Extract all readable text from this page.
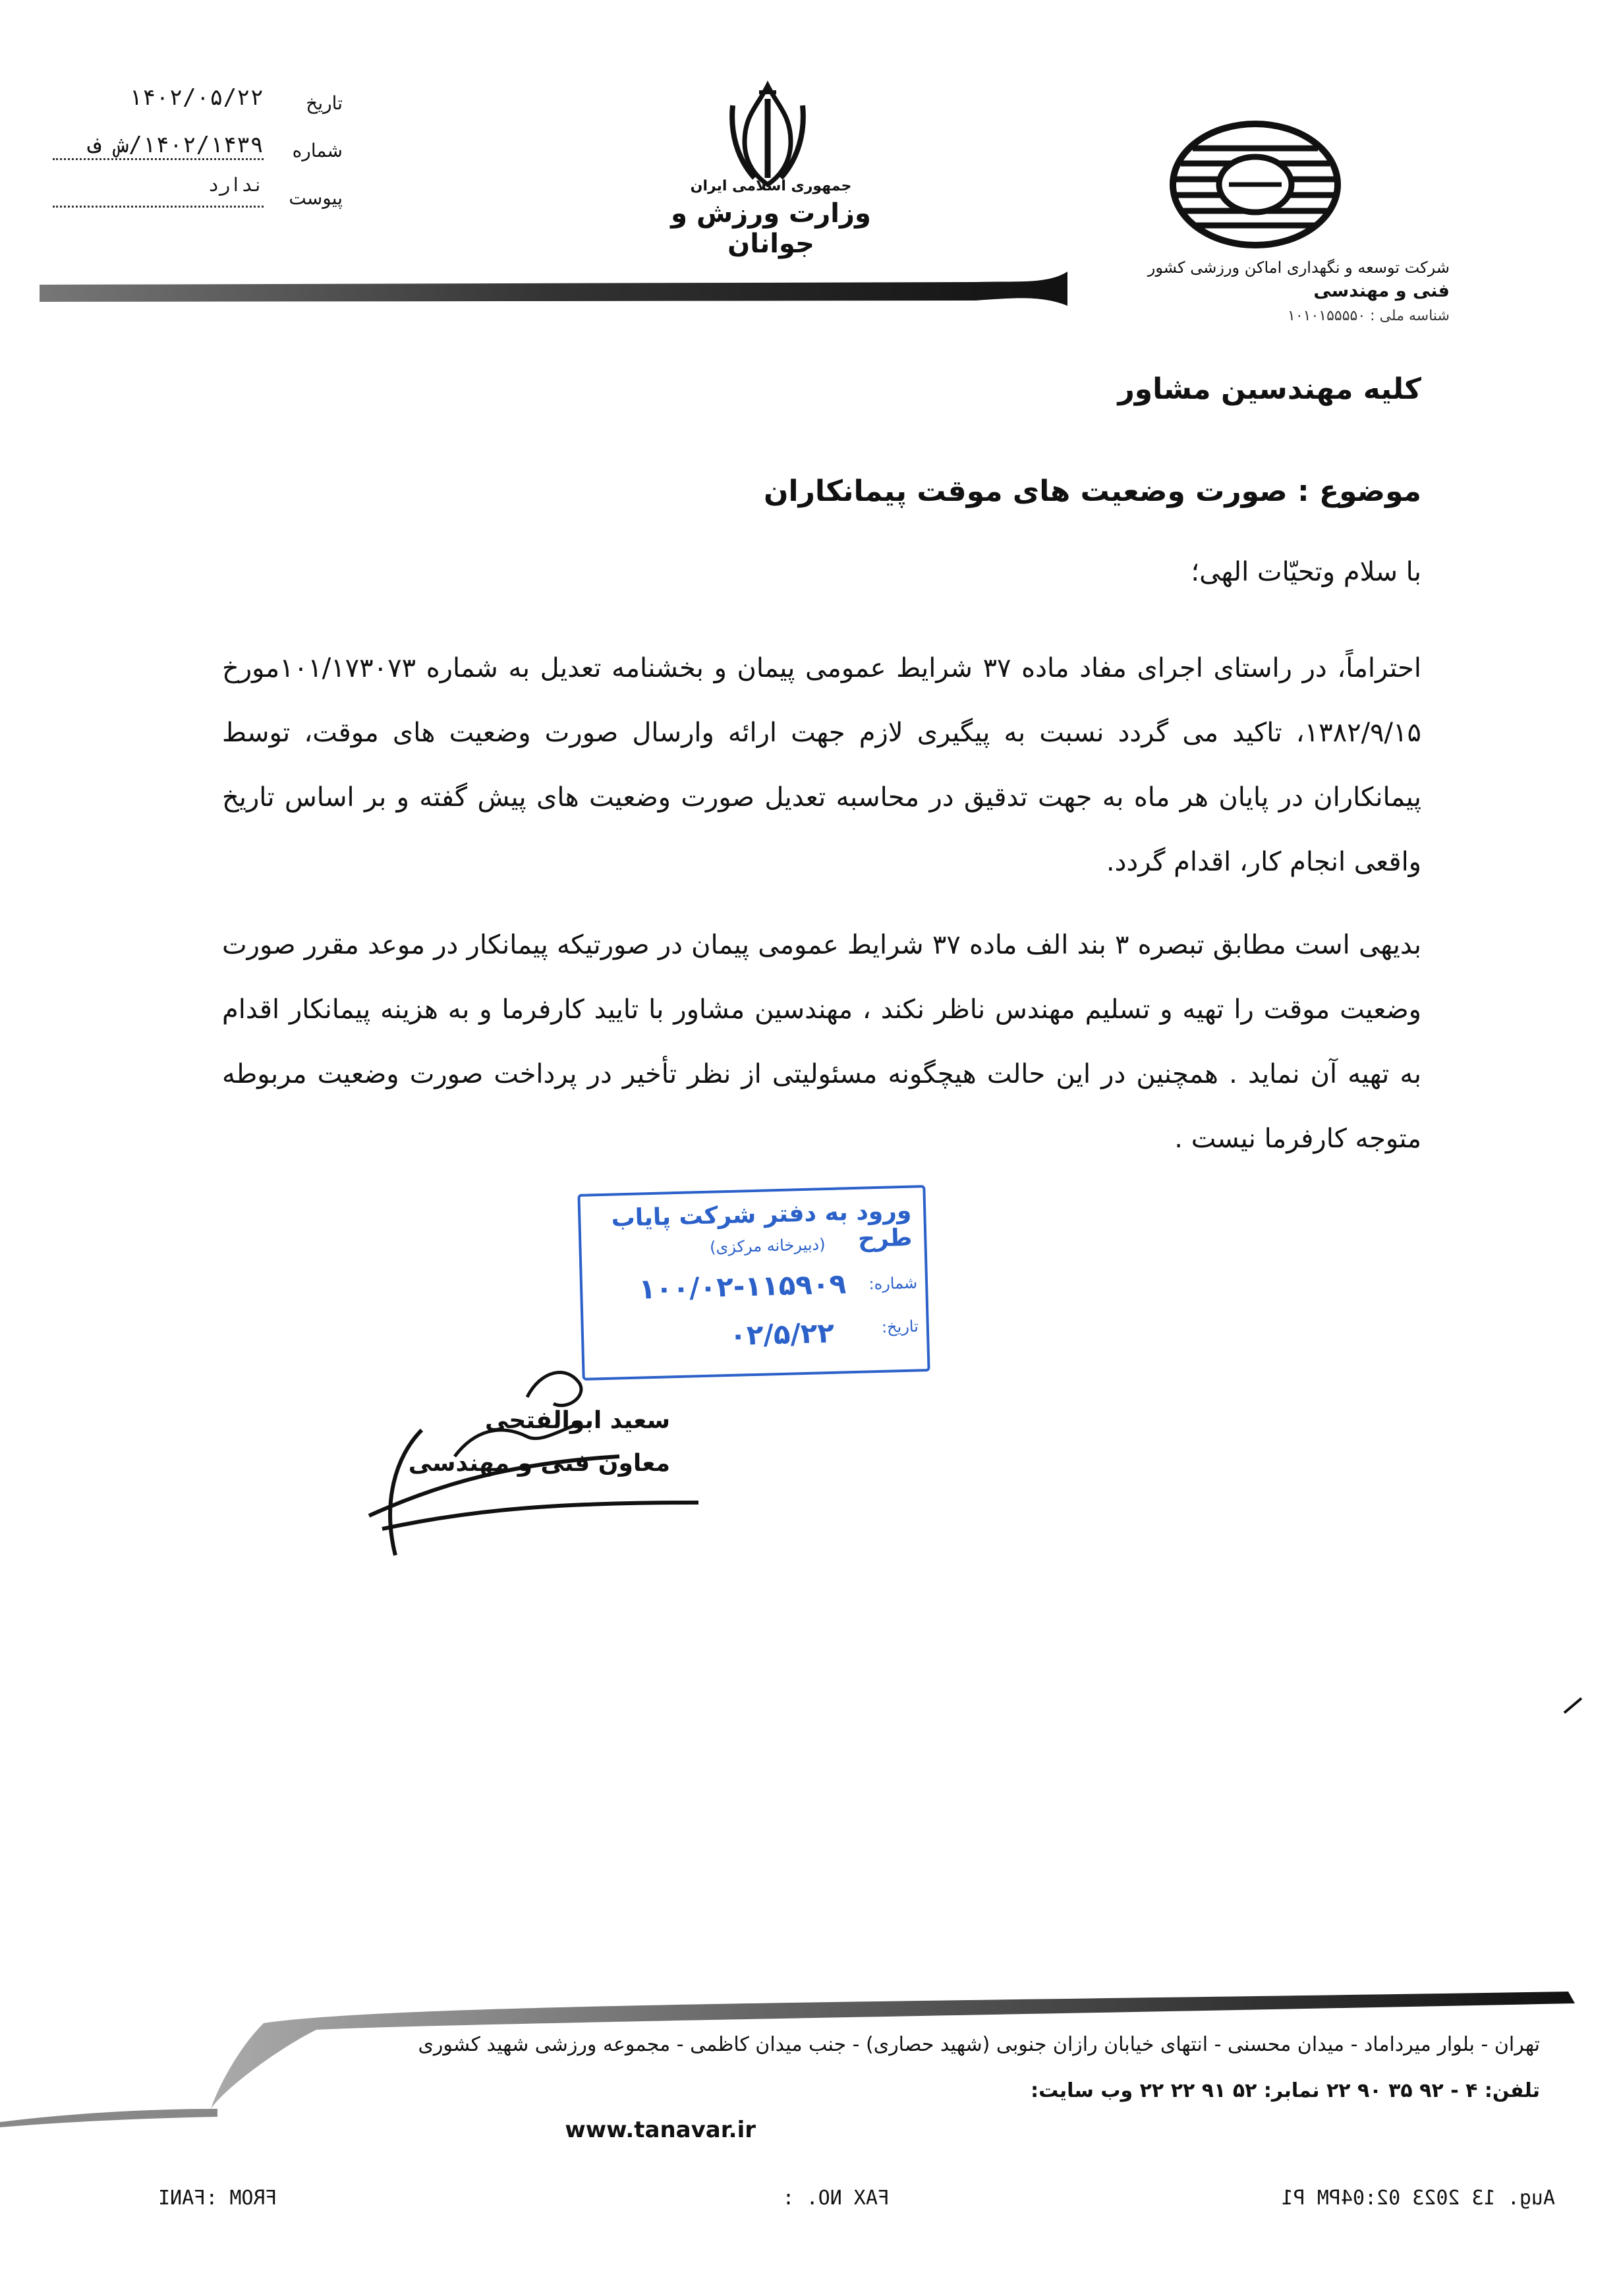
جمهوری اسلامی ایران
وزارت ورزش و جوانان
شرکت توسعه و نگهداری اماکن ورزشی کشور
فنی و مهندسی
شناسه ملی : ۱۰۱۰۱۵۵۵۵۰
تاریخ
۱۴۰۲/۰۵/۲۲
شماره
۱۴۰۲/۱۴۳۹/ش ف
پیوست
ندارد
کلیه مهندسین مشاور
موضوع : صورت وضعیت های موقت پیمانکاران
با سلام وتحیّات الهی؛
احتراماً، در راستای اجرای مفاد ماده ۳۷ شرایط عمومی پیمان و بخشنامه تعدیل به شماره ۱۰۱/۱۷۳۰۷۳مورخ ۱۳۸۲/۹/۱۵، تاکید می گردد نسبت به پیگیری لازم جهت ارائه وارسال صورت وضعیت های موقت، توسط پیمانکاران در پایان هر ماه به جهت تدقیق در محاسبه تعدیل صورت وضعیت های پیش گفته و بر اساس تاریخ واقعی انجام کار، اقدام گردد.
بدیهی است مطابق تبصره ۳ بند الف ماده ۳۷ شرایط عمومی پیمان در صورتیکه پیمانکار در موعد مقرر صورت وضعیت موقت را تهیه و تسلیم مهندس ناظر نکند ، مهندسین مشاور با تایید کارفرما و به هزینه پیمانکار اقدام به تهیه آن نماید . همچنین در این حالت هیچگونه مسئولیتی از نظر تأخیر در پرداخت صورت وضعیت مربوطه متوجه کارفرما نیست .
ورود به دفتر شرکت پایاب طرح
(دبیرخانه مرکزی)
شماره:
۱۰۰/۰۲-۱۱۵۹۰۹
تاریخ:
۰۲/۵/۲۲
سعید ابوالفتحی
معاون فنی و مهندسی
تهران - بلوار میرداماد - میدان محسنی - انتهای خیابان رازان جنوبی (شهید حصاری) - جنب میدان کاظمی - مجموعه ورزشی شهید کشوری
تلفن: ۴ - ۹۲ ۳۵ ۹۰ ۲۲ نمابر: ۵۲ ۹۱ ۲۲ ۲۲ وب سایت:
www.tanavar.ir
FROM :FANI	FAX NO. :	Aug. 13 2023 02:04PM P1
